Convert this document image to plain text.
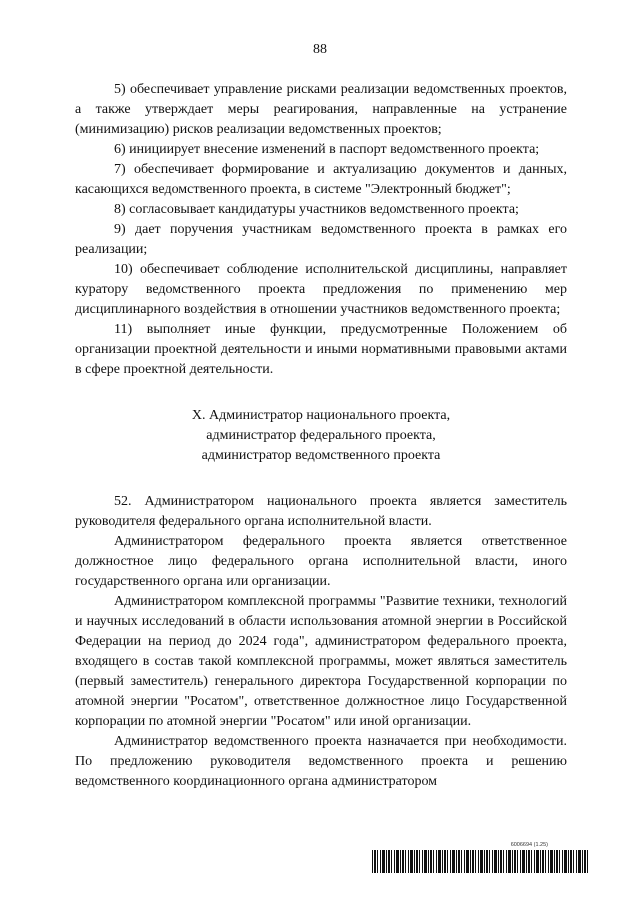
88

5) обеспечивает управление рисками реализации ведомственных проектов, а также утверждает меры реагирования, направленные на устранение (минимизацию) рисков реализации ведомственных проектов;

6) инициирует внесение изменений в паспорт ведомственного проекта;

7) обеспечивает формирование и актуализацию документов и данных, касающихся ведомственного проекта, в системе "Электронный бюджет";

8) согласовывает кандидатуры участников ведомственного проекта;

9) дает поручения участникам ведомственного проекта в рамках его реализации;

10) обеспечивает соблюдение исполнительской дисциплины, направляет куратору ведомственного проекта предложения по применению мер дисциплинарного воздействия в отношении участников ведомственного проекта;

11) выполняет иные функции, предусмотренные Положением об организации проектной деятельности и иными нормативными правовыми актами в сфере проектной деятельности.

X. Администратор национального проекта,
администратор федерального проекта,
администратор ведомственного проекта

52. Администратором национального проекта является заместитель руководителя федерального органа исполнительной власти.

Администратором федерального проекта является ответственное должностное лицо федерального органа исполнительной власти, иного государственного органа или организации.

Администратором комплексной программы "Развитие техники, технологий и научных исследований в области использования атомной энергии в Российской Федерации на период до 2024 года", администратором федерального проекта, входящего в состав такой комплексной программы, может являться заместитель (первый заместитель) генерального директора Государственной корпорации по атомной энергии "Росатом", ответственное должностное лицо Государственной корпорации по атомной энергии "Росатом" или иной организации.

Администратор ведомственного проекта назначается при необходимости. По предложению руководителя ведомственного проекта и решению ведомственного координационного органа администратором

6006694 (1.25)
